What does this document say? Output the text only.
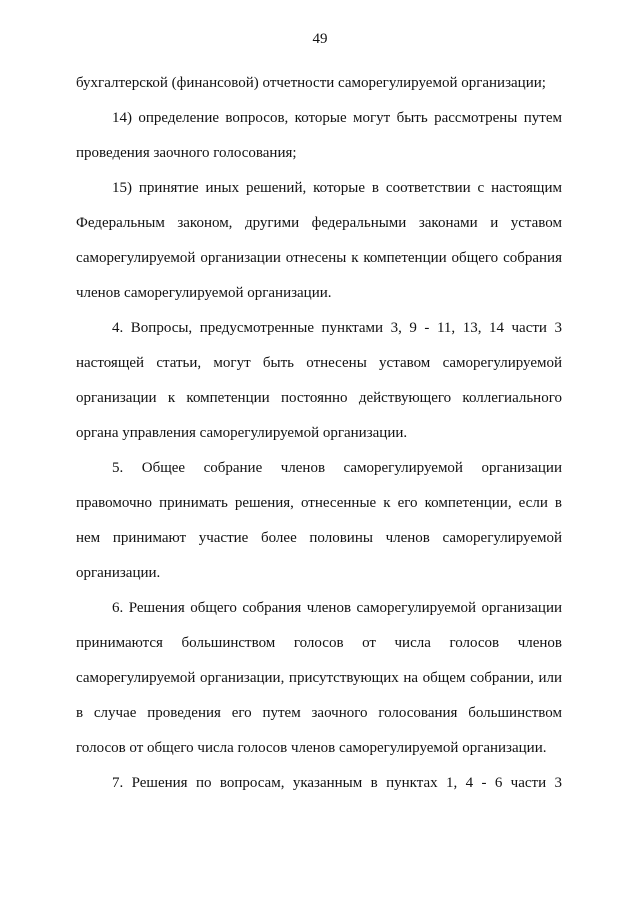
49
бухгалтерской (финансовой) отчетности саморегулируемой организации;
14) определение вопросов, которые могут быть рассмотрены путем
проведения заочного голосования;
15) принятие иных решений, которые в соответствии с настоящим
Федеральным законом, другими федеральными законами и уставом
саморегулируемой организации отнесены к компетенции общего собрания
членов саморегулируемой организации.
4. Вопросы, предусмотренные пунктами 3, 9 - 11, 13, 14 части 3
настоящей статьи, могут быть отнесены уставом саморегулируемой
организации к компетенции постоянно действующего коллегиального
органа управления саморегулируемой организации.
5. Общее собрание членов саморегулируемой организации
правомочно принимать решения, отнесенные к его компетенции, если в
нем принимают участие более половины членов саморегулируемой
организации.
6. Решения общего собрания членов саморегулируемой организации
принимаются большинством голосов от числа голосов членов
саморегулируемой организации, присутствующих на общем собрании, или
в случае проведения его путем заочного голосования большинством
голосов от общего числа голосов членов саморегулируемой организации.
7. Решения по вопросам, указанным в пунктах 1, 4 - 6 части 3
